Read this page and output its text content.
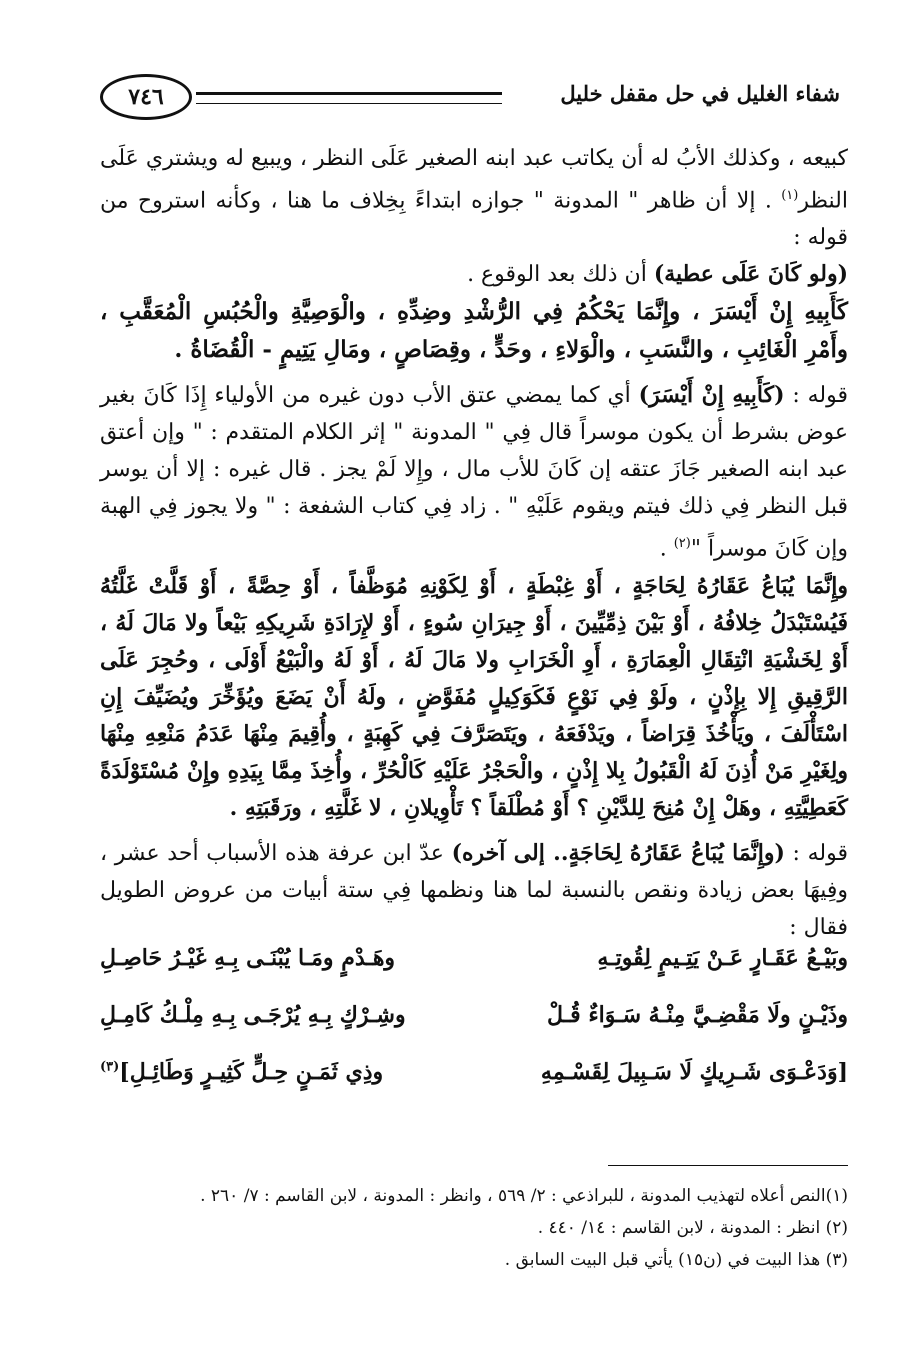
٧٤٦	شفاء الغليل في حل مقفل خليل

كبيعه ، وكذلك الأبُ له أن يكاتب عبد ابنه الصغير عَلَى النظر ، ويبيع له ويشتري عَلَى النظر$^{(١)}$ . إلا أن ظاهر " المدونة " جوازه ابتداءً بِخِلاف ما هنا ، وكأنه استروح من قوله :

(ولو كَانَ عَلَى عطية) أن ذلك بعد الوقوع .

كَأَبِيهِ إِنْ أَيْسَرَ ، وإِنَّمَا يَحْكُمُ فِي الرُّشْدِ وضِدِّهِ ، والْوَصِيَّةِ والْحُبُسِ الْمُعَقَّبِ ، وأَمْرِ الْغَائِبِ ، والنَّسَبِ ، والْوَلاءِ ، وحَدٍّ ، وقِصَاصٍ ، ومَالِ يَتِيمٍ - الْقُضَاةُ .

قوله : (كَأَبِيهِ إِنْ أَيْسَرَ) أي كما يمضي عتق الأب دون غيره من الأولياء إِذَا كَانَ بغير عوض بشرط أن يكون موسراً قال فِي " المدونة " إثر الكلام المتقدم : " وإن أعتق عبد ابنه الصغير جَازَ عتقه إن كَانَ للأب مال ، وإِلا لَمْ يجز . قال غيره : إلا أن يوسر قبل النظر فِي ذلك فيتم ويقوم عَلَيْهِ " . زاد فِي كتاب الشفعة : " ولا يجوز فِي الهبة وإن كَانَ موسراً "$^{(٢)}$ .

وإِنَّمَا يُبَاعُ عَقَارُهُ لِحَاجَةٍ ، أَوْ غِبْطَةٍ ، أَوْ لِكَوْنِهِ مُوَظَّفاً ، أَوْ حِصَّةً ، أَوْ قَلَّتْ غَلَّتُهُ فَيُسْتَبْدَلُ خِلافُهُ ، أَوْ بَيْنَ ذِمِّيِّينَ ، أَوْ جِيرَانِ سُوءٍ ، أَوْ لإِرَادَةِ شَرِيكِهِ بَيْعاً ولا مَالَ لَهُ ، أَوْ لِخَشْيَةِ انْتِقَالِ الْعِمَارَةِ ، أَوِ الْخَرَابِ ولا مَالَ لَهُ ، أَوْ لَهُ والْبَيْعُ أَوْلَى ، وحُجِرَ عَلَى الرَّقِيقِ إِلا بِإِذْنٍ ، ولَوْ فِي نَوْعٍ فَكَوَكِيلٍ مُفَوَّضٍ ، ولَهُ أَنْ يَضَعَ ويُؤَخِّرَ ويُضَيِّفَ إِنِ اسْتَأْلَفَ ، ويَأْخُذَ قِرَاضاً ، ويَدْفَعَهُ ، ويَتَصَرَّفَ فِي كَهِبَةٍ ، وأُقِيمَ مِنْهَا عَدَمُ مَنْعِهِ مِنْهَا ولِغَيْرِ مَنْ أُذِنَ لَهُ الْقَبُولُ بِلا إِذْنٍ ، والْحَجْرُ عَلَيْهِ كَالْحُرِّ ، وأُخِذَ مِمَّا بِيَدِهِ وإِنْ مُسْتَوْلَدَةً كَعَطِيَّتِهِ ، وهَلْ إِنْ مُنِحَ لِلدَّيْنِ ؟ أَوْ مُطْلَقاً ؟ تَأْوِيلانِ ، لا غَلَّتِهِ ، ورَقَبَتِهِ .

قوله : (وإِنَّمَا يُبَاعُ عَقَارُهُ لِحَاجَةٍ.. إلى آخره) عدّ ابن عرفة هذه الأسباب أحد عشر ، وفِيهَا بعض زيادة ونقص بالنسبة لما هنا ونظمها فِي ستة أبيات من عروض الطويل فقال :

وبَيْـعُ عَقَـارٍ عَـنْ يَتِـيمٍ لِقُوتِـهِ
وهَـدْمٍ ومَـا يُبْنَـى بِـهِ غَيْـرُ حَاصِـلِ
وذَيْـنٍ ولَا مَقْضِـيَّ مِنْـهُ سَـوَاءٌ قُـلْ
وشِـرْكٍ بِـهِ يُرْجَـى بِـهِ مِلْـكُ كَامِـلِ
[وَدَعْـوَى شَـرِيكٍ لَا سَـبِيلَ لِقَسْـمِهِ
وذِي ثَمَـنٍ حِـلٍّ كَثِيـرٍ وَطَائِـلِ]$^{(٣)}$

(١)النص أعلاه لتهذيب المدونة ، للبراذعي : ٢/ ٥٦٩ ، وانظر : المدونة ، لابن القاسم : ٧/ ٢٦٠ .

(٢) انظر : المدونة ، لابن القاسم : ١٤/ ٤٤٠ .

(٣) هذا البيت في (ن١٥) يأتي قبل البيت السابق .
